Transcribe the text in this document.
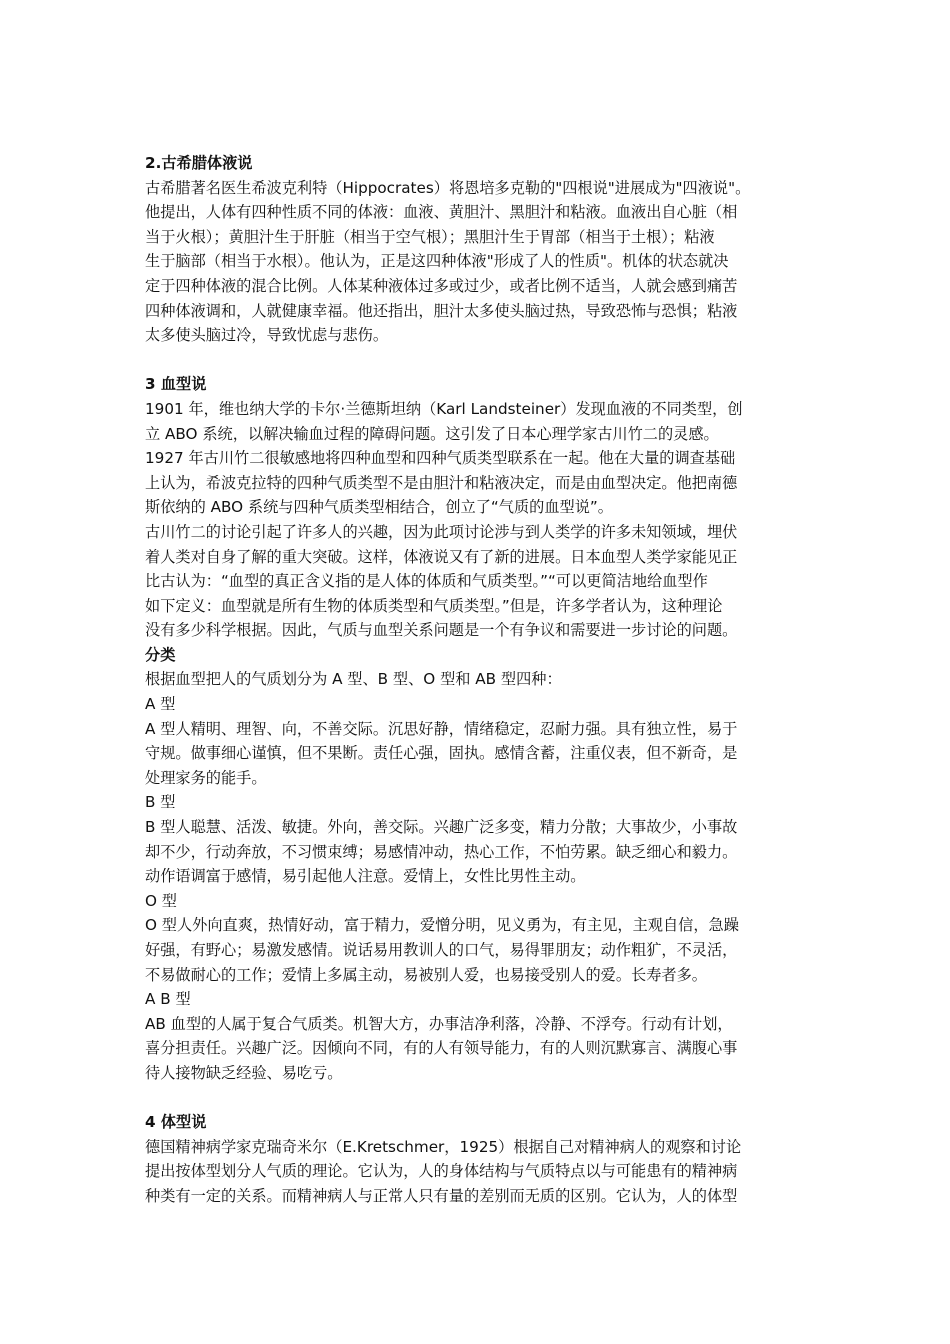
2.古希腊体液说
古希腊著名医生希波克利特（Hippocrates）将恩培多克勒的"四根说"进展成为"四液说"。
他提出，人体有四种性质不同的体液：血液、黄胆汁、黑胆汁和粘液。血液出自心脏（相
当于火根）；黄胆汁生于肝脏（相当于空气根）；黑胆汁生于胃部（相当于土根）；粘液
生于脑部（相当于水根）。他认为，正是这四种体液"形成了人的性质"。机体的状态就决
定于四种体液的混合比例。人体某种液体过多或过少，或者比例不适当，人就会感到痛苦
四种体液调和，人就健康幸福。他还指出，胆汁太多使头脑过热，导致恐怖与恐惧；粘液
太多使头脑过冷，导致忧虑与悲伤。
3 血型说
1901 年，维也纳大学的卡尔·兰德斯坦纳（Karl Landsteiner）发现血液的不同类型，创
立 ABO 系统，以解决输血过程的障碍问题。这引发了日本心理学家古川竹二的灵感。
1927 年古川竹二很敏感地将四种血型和四种气质类型联系在一起。他在大量的调查基础
上认为，希波克拉特的四种气质类型不是由胆汁和粘液决定，而是由血型决定。他把南德
斯依纳的 ABO 系统与四种气质类型相结合，创立了“气质的血型说”。
古川竹二的讨论引起了许多人的兴趣，因为此项讨论涉与到人类学的许多未知领域，埋伏
着人类对自身了解的重大突破。这样，体液说又有了新的进展。日本血型人类学家能见正
比古认为：“血型的真正含义指的是人体的体质和气质类型。”“可以更简洁地给血型作
如下定义：血型就是所有生物的体质类型和气质类型。”但是，许多学者认为，这种理论
没有多少科学根据。因此，气质与血型关系问题是一个有争议和需要进一步讨论的问题。
分类
根据血型把人的气质划分为 A 型、B 型、O 型和 AB 型四种：
A 型
A 型人精明、理智、向，不善交际。沉思好静，情绪稳定，忍耐力强。具有独立性，易于
守规。做事细心谨慎，但不果断。责任心强，固执。感情含蓄，注重仪表，但不新奇，是
处理家务的能手。
B 型
B 型人聪慧、活泼、敏捷。外向，善交际。兴趣广泛多变，精力分散；大事故少，小事故
却不少，行动奔放，不习惯束缚；易感情冲动，热心工作，不怕劳累。缺乏细心和毅力。
动作语调富于感情，易引起他人注意。爱情上，女性比男性主动。
O 型
O 型人外向直爽，热情好动，富于精力，爱憎分明，见义勇为，有主见，主观自信，急躁
好强，有野心；易激发感情。说话易用教训人的口气，易得罪朋友；动作粗犷，不灵活，
不易做耐心的工作；爱情上多属主动，易被别人爱，也易接受别人的爱。长寿者多。
A B 型
AB 血型的人属于复合气质类。机智大方，办事洁净利落，冷静、不浮夸。行动有计划，
喜分担责任。兴趣广泛。因倾向不同，有的人有领导能力，有的人则沉默寡言、满腹心事
待人接物缺乏经验、易吃亏。
4 体型说
德国精神病学家克瑞奇米尔（E.Kretschmer，1925）根据自己对精神病人的观察和讨论
提出按体型划分人气质的理论。它认为，人的身体结构与气质特点以与可能患有的精神病
种类有一定的关系。而精神病人与正常人只有量的差别而无质的区别。它认为，人的体型
